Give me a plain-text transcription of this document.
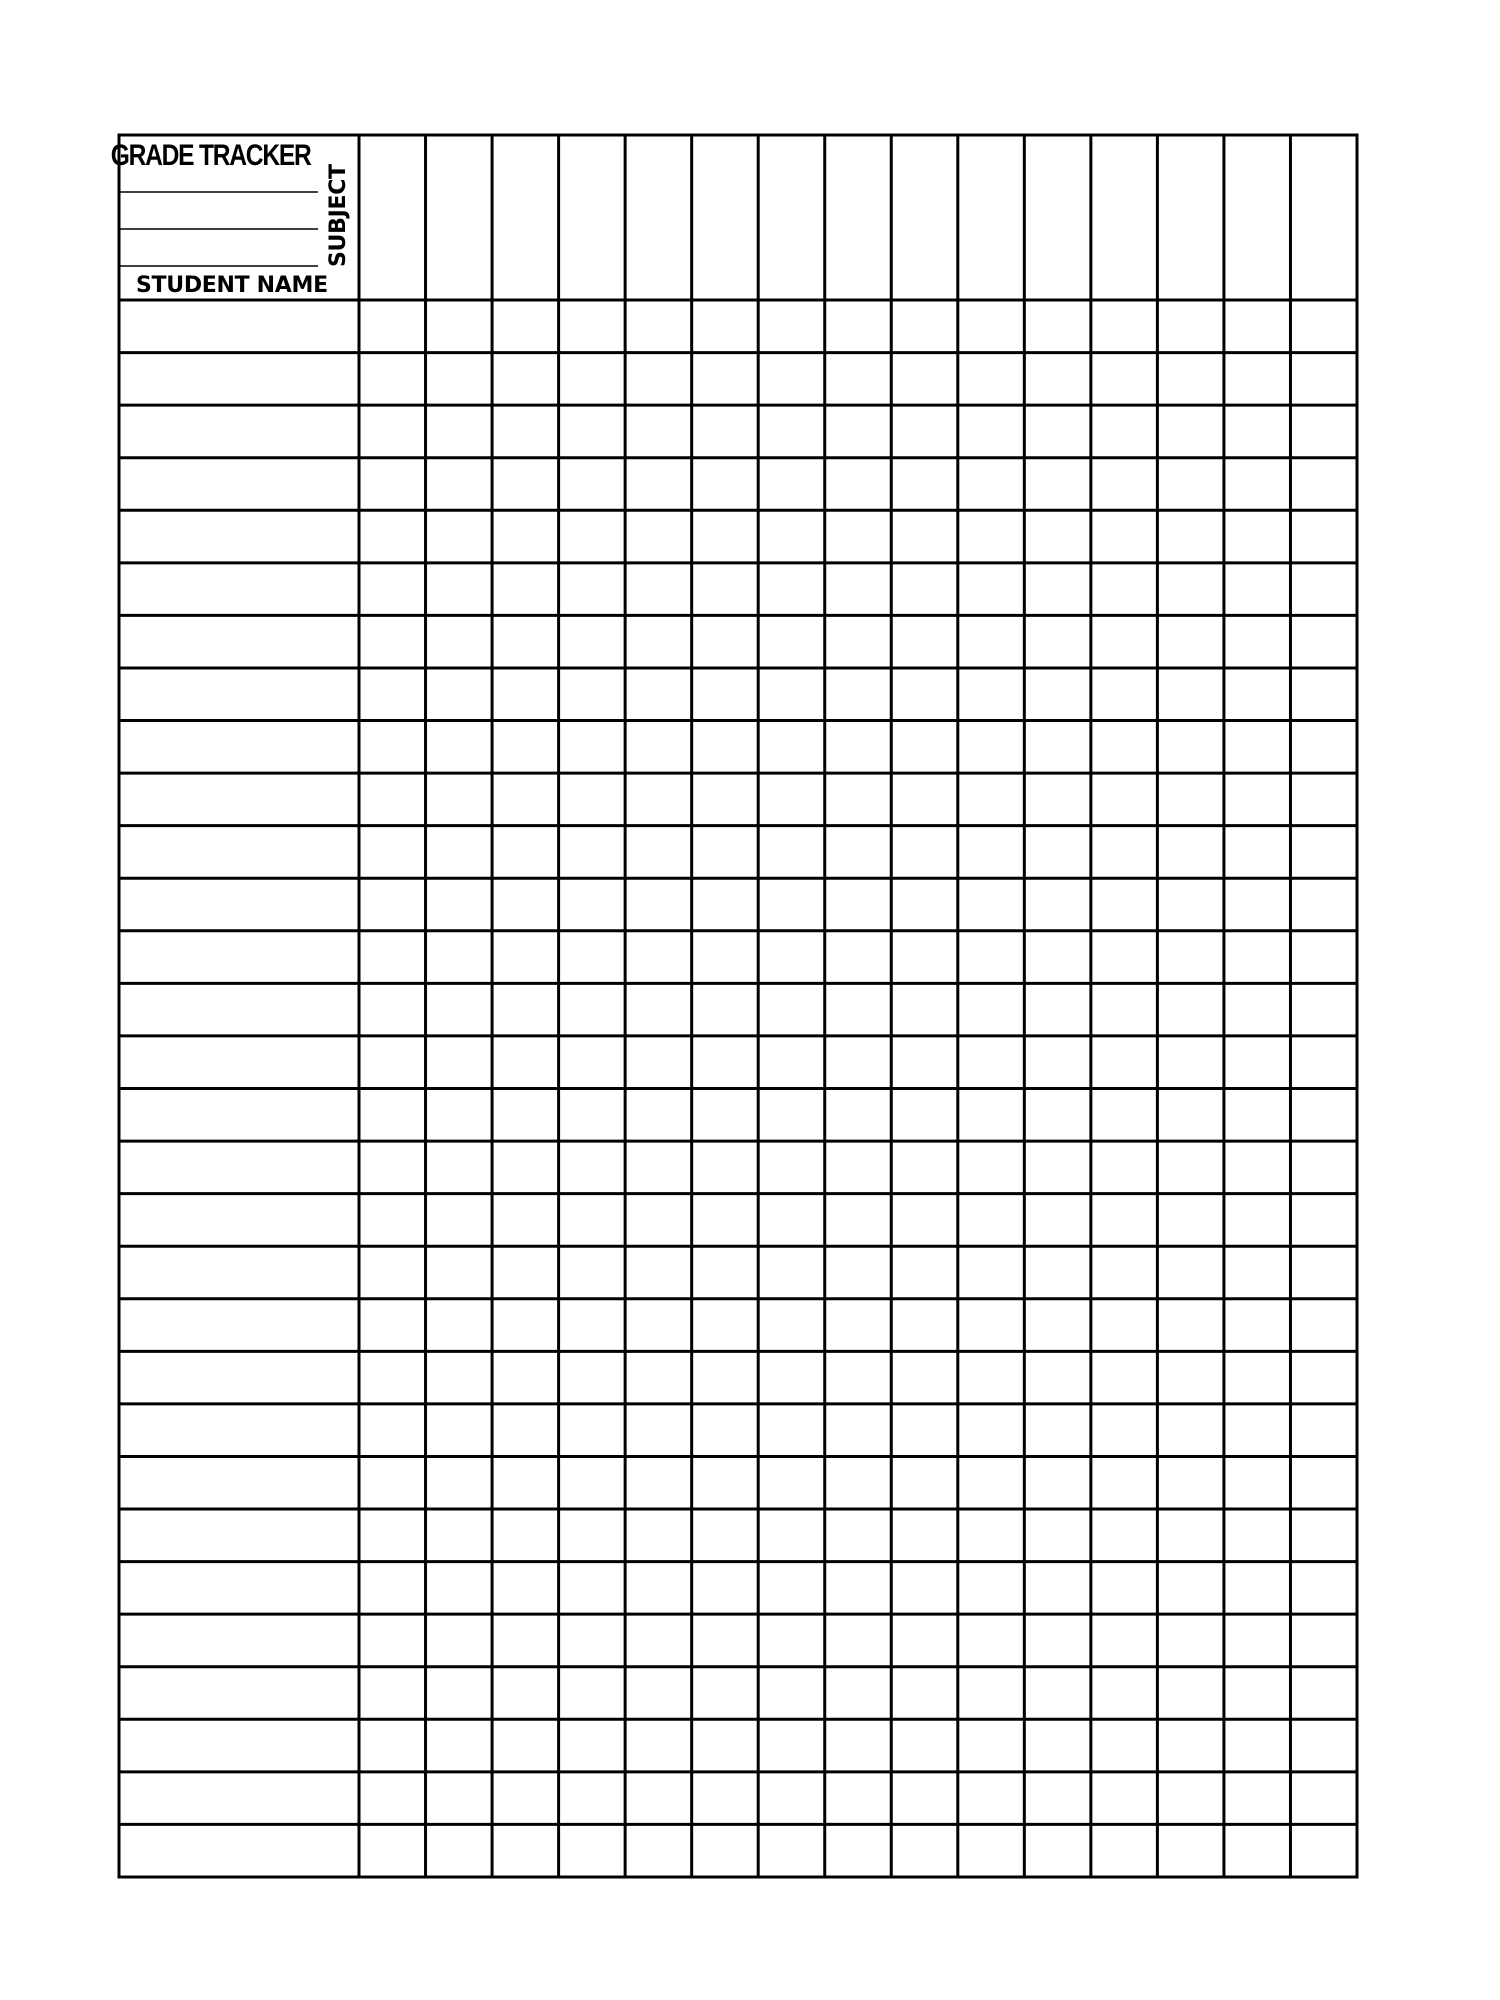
GRADE TRACKER
STUDENT NAME
SUBJECT
